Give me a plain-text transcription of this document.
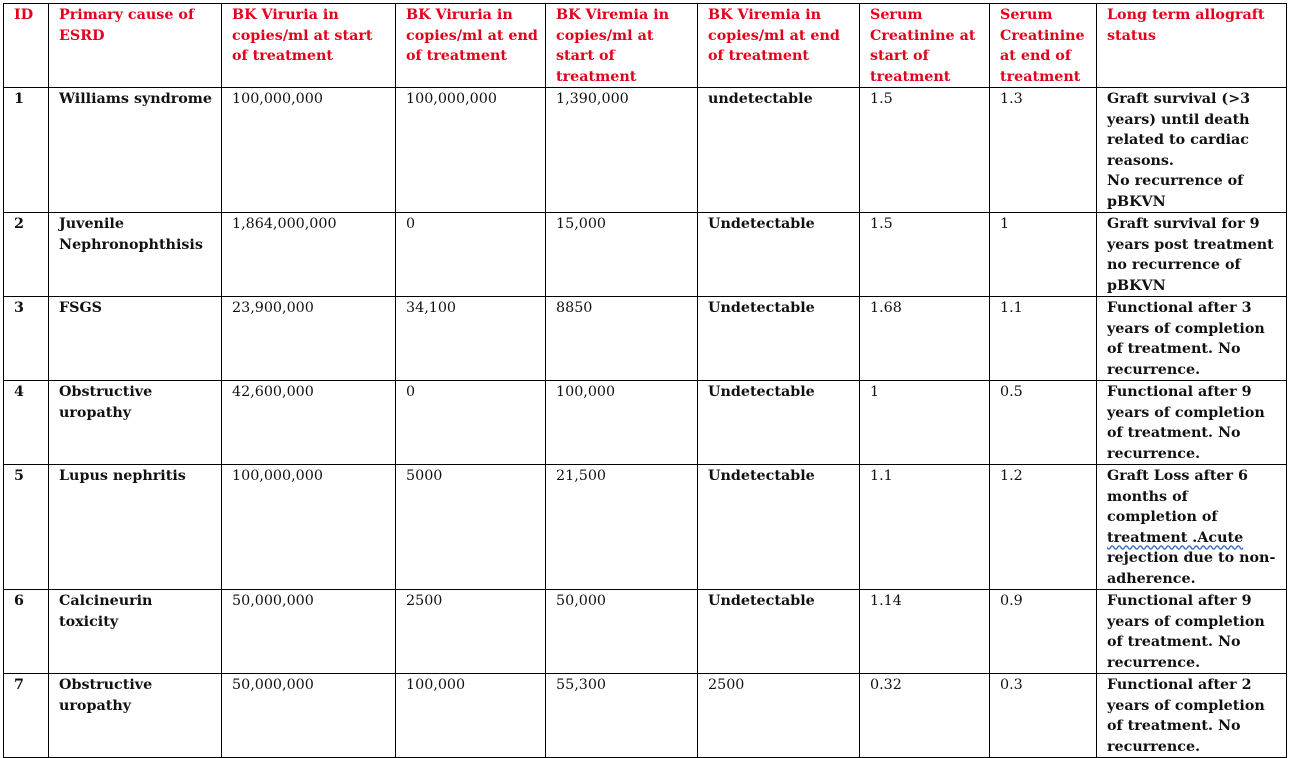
ID	Primary cause of ESRD	BK Viruria in copies/ml at start of treatment	BK Viruria in copies/ml at end of treatment	BK Viremia in copies/ml at start of treatment	BK Viremia in copies/ml at end of treatment	Serum Creatinine at start of treatment	Serum Creatinine at end of treatment	Long term allograft status
1	Williams syndrome	100,000,000	100,000,000	1,390,000	undetectable	1.5	1.3	Graft survival (>3 years) until death related to cardiac reasons.
No recurrence of pBKVN

2	Juvenile Nephronophthisis	1,864,000,000	0	15,000	Undetectable	1.5	1	Graft survival for 9 years post treatment no recurrence of pBKVN
3	FSGS	23,900,000	34,100	8850	Undetectable	1.68	1.1	Functional after 3 years of completion of treatment. No recurrence.
4	Obstructive uropathy	42,600,000	0	100,000	Undetectable	1	0.5	Functional after 9 years of completion of treatment. No recurrence.
5	Lupus nephritis	100,000,000	5000	21,500	Undetectable	1.1	1.2	Graft Loss after 6 months of completion of treatment .Acute rejection due to non-adherence.
6	Calcineurin toxicity	50,000,000	2500	50,000	Undetectable	1.14	0.9	Functional after 9 years of completion of treatment. No recurrence.
7	Obstructive uropathy	50,000,000	100,000	55,300	2500	0.32	0.3	Functional after 2 years of completion of treatment. No recurrence.
